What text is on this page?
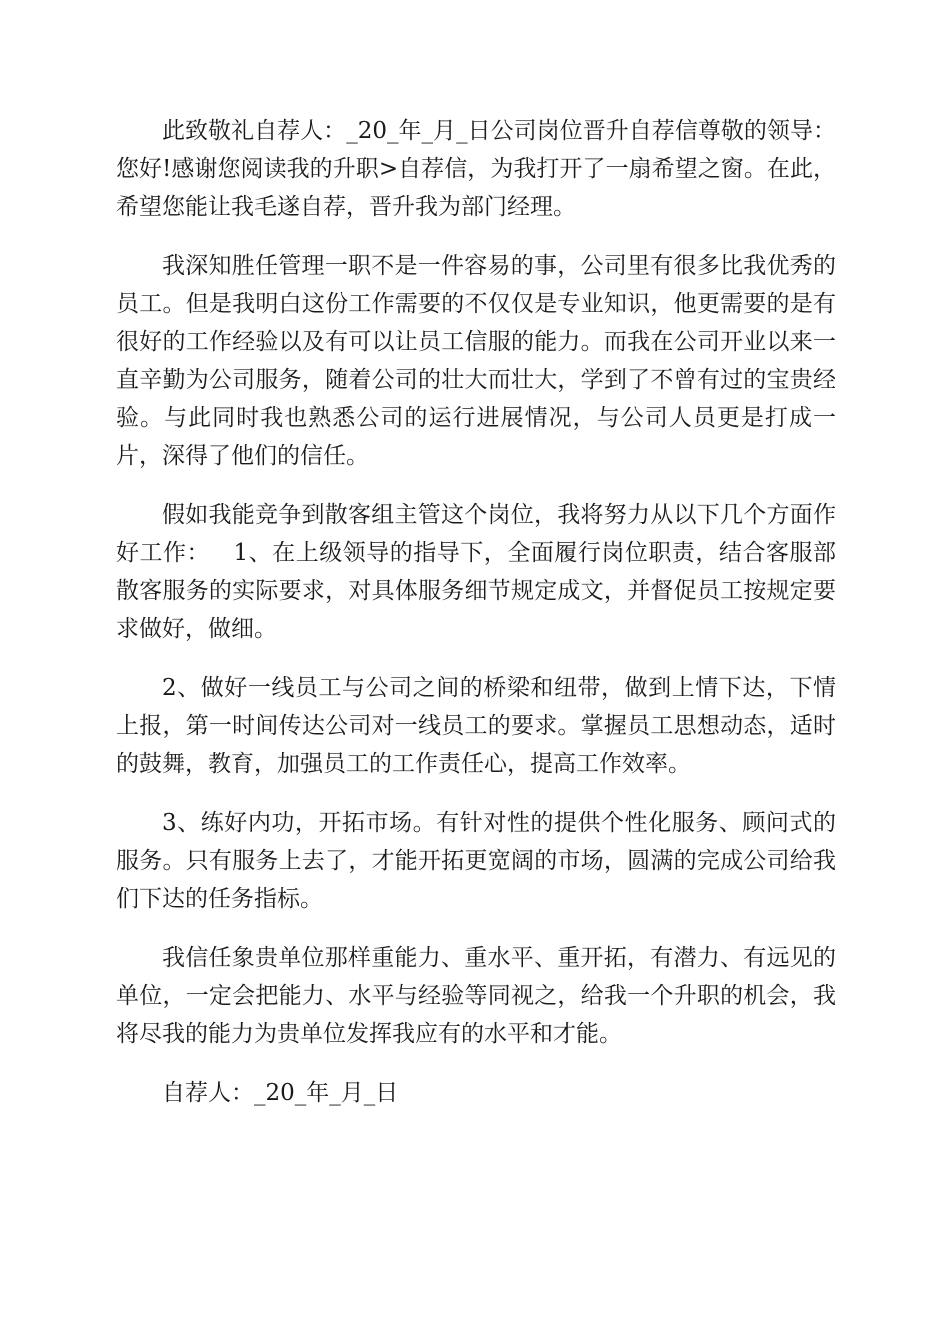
此致敬礼自荐人：_20_年_月_日公司岗位晋升自荐信尊敬的领导：您好!感谢您阅读我的升职>自荐信，为我打开了一扇希望之窗。在此，希望您能让我毛遂自荐，晋升我为部门经理。

我深知胜任管理一职不是一件容易的事，公司里有很多比我优秀的员工。但是我明白这份工作需要的不仅仅是专业知识，他更需要的是有很好的工作经验以及有可以让员工信服的能力。而我在公司开业以来一直辛勤为公司服务，随着公司的壮大而壮大，学到了不曾有过的宝贵经验。与此同时我也熟悉公司的运行进展情况，与公司人员更是打成一片，深得了他们的信任。

假如我能竞争到散客组主管这个岗位，我将努力从以下几个方面作好工作：   1、在上级领导的指导下，全面履行岗位职责，结合客服部散客服务的实际要求，对具体服务细节规定成文，并督促员工按规定要求做好，做细。

2、做好一线员工与公司之间的桥梁和纽带，做到上情下达，下情上报，第一时间传达公司对一线员工的要求。掌握员工思想动态，适时的鼓舞，教育，加强员工的工作责任心，提高工作效率。

3、练好内功，开拓市场。有针对性的提供个性化服务、顾问式的服务。只有服务上去了，才能开拓更宽阔的市场，圆满的完成公司给我们下达的任务指标。

我信任象贵单位那样重能力、重水平、重开拓，有潜力、有远见的单位，一定会把能力、水平与经验等同视之，给我一个升职的机会，我将尽我的能力为贵单位发挥我应有的水平和才能。

自荐人：_20_年_月_日
